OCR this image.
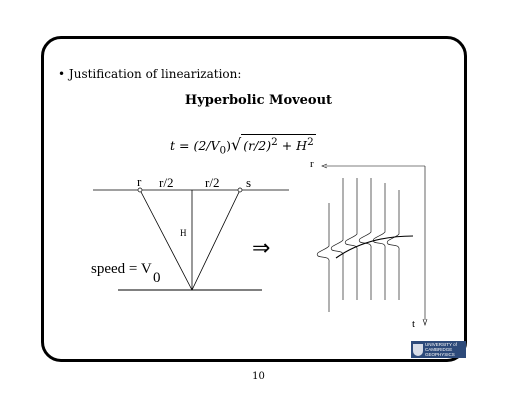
• Justification of linearization:
Hyperbolic Moveout
$t = (2/V_0)√$ $(r/2)^2 + H^2$
r r/2 r/2 s
H
speed = V
0
⇒
r
t
UNIVERSITY of CAMBRIDGE
GEOPHYSICS
10
